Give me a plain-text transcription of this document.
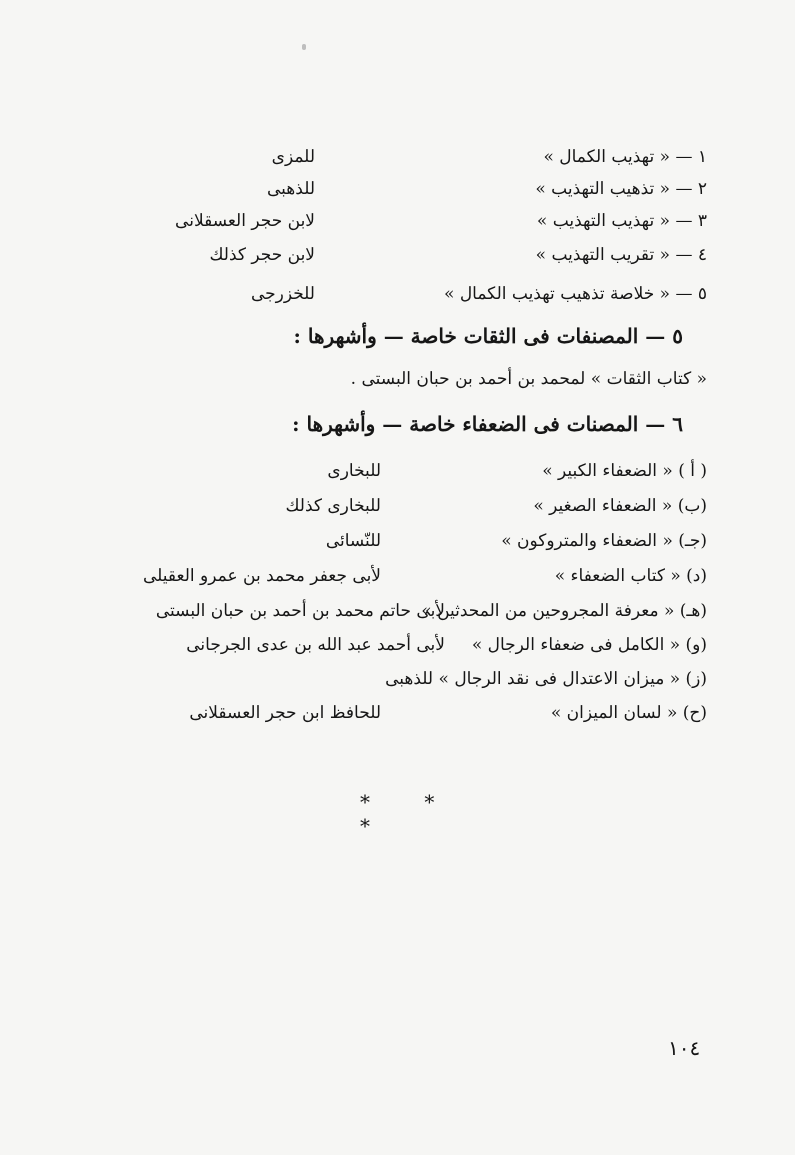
١ — « تهذيب الكمال »
للمزى
٢ — « تذهيب التهذيب »
للذهبى
٣ — « تهذيب التهذيب »
لابن حجر العسقلانى
٤ — « تقريب التهذيب »
لابن حجر كذلك
٥ — « خلاصة تذهيب تهذيب الكمال »
للخزرجى
٥ — المصنفات فى الثقات خاصة — وأشهرها :
« كتاب الثقات » لمحمد بن أحمد بن حبان البستى .
٦ — المصنات فى الضعفاء خاصة — وأشهرها :
( أ ) « الضعفاء الكبير »
للبخارى
(ب) « الضعفاء الصغير »
للبخارى كذلك
(جـ) « الضعفاء والمتروكون »
للنّسائى
(د) « كتاب الضعفاء »
لأبى جعفر محمد بن عمرو العقيلى
(هـ) « معرفة المجروحين من المحدثين »
لأبى حاتم محمد بن أحمد بن حبان البستى
(و) « الكامل فى ضعفاء الرجال »
لأبى أحمد عبد الله بن عدى الجرجانى
(ز) « ميزان الاعتدال فى نقد الرجال » للذهبى
(ح) « لسان الميزان »
للحافظ ابن حجر العسقلانى
* * *
١٠٤
